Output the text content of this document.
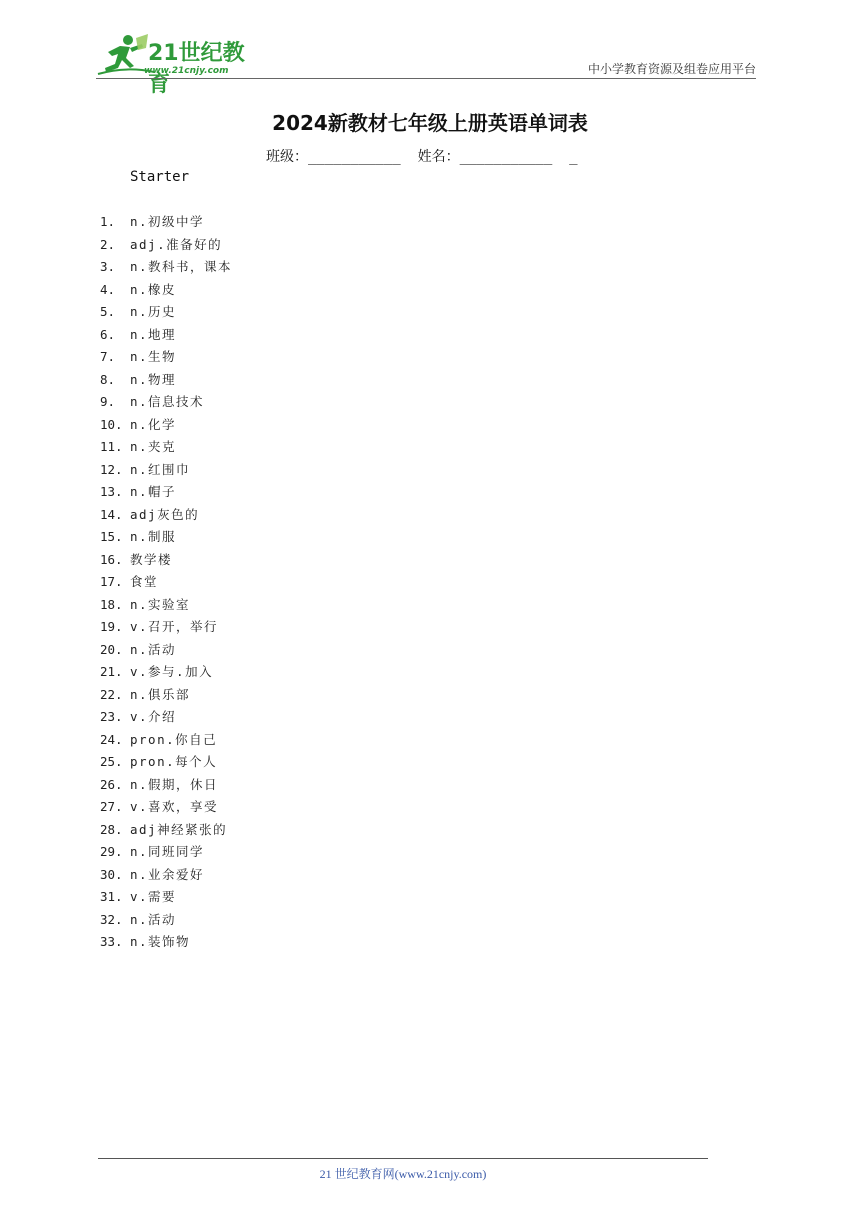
21世纪教育
www.21cnjy.com	中小学教育资源及组卷应用平台
2024新教材七年级上册英语单词表
班级：___________  姓名：___________  _
Starter
1. n.初级中学
2. adj.准备好的
3. n.教科书，课本
4. n.橡皮
5. n.历史
6. n.地理
7. n.生物
8. n.物理
9. n.信息技术
10. n.化学
11. n.夹克
12. n.红围巾
13. n.帽子
14. adj灰色的
15. n.制服
16. 教学楼
17. 食堂
18. n.实验室
19. v.召开，举行
20. n.活动
21. v.参与.加入
22. n.俱乐部
23. v.介绍
24. pron.你自己
25. pron.每个人
26. n.假期，休日
27. v.喜欢，享受
28. adj神经紧张的
29. n.同班同学
30. n.业余爱好
31. v.需要
32. n.活动
33. n.装饰物
21 世纪教育网(www.21cnjy.com)
